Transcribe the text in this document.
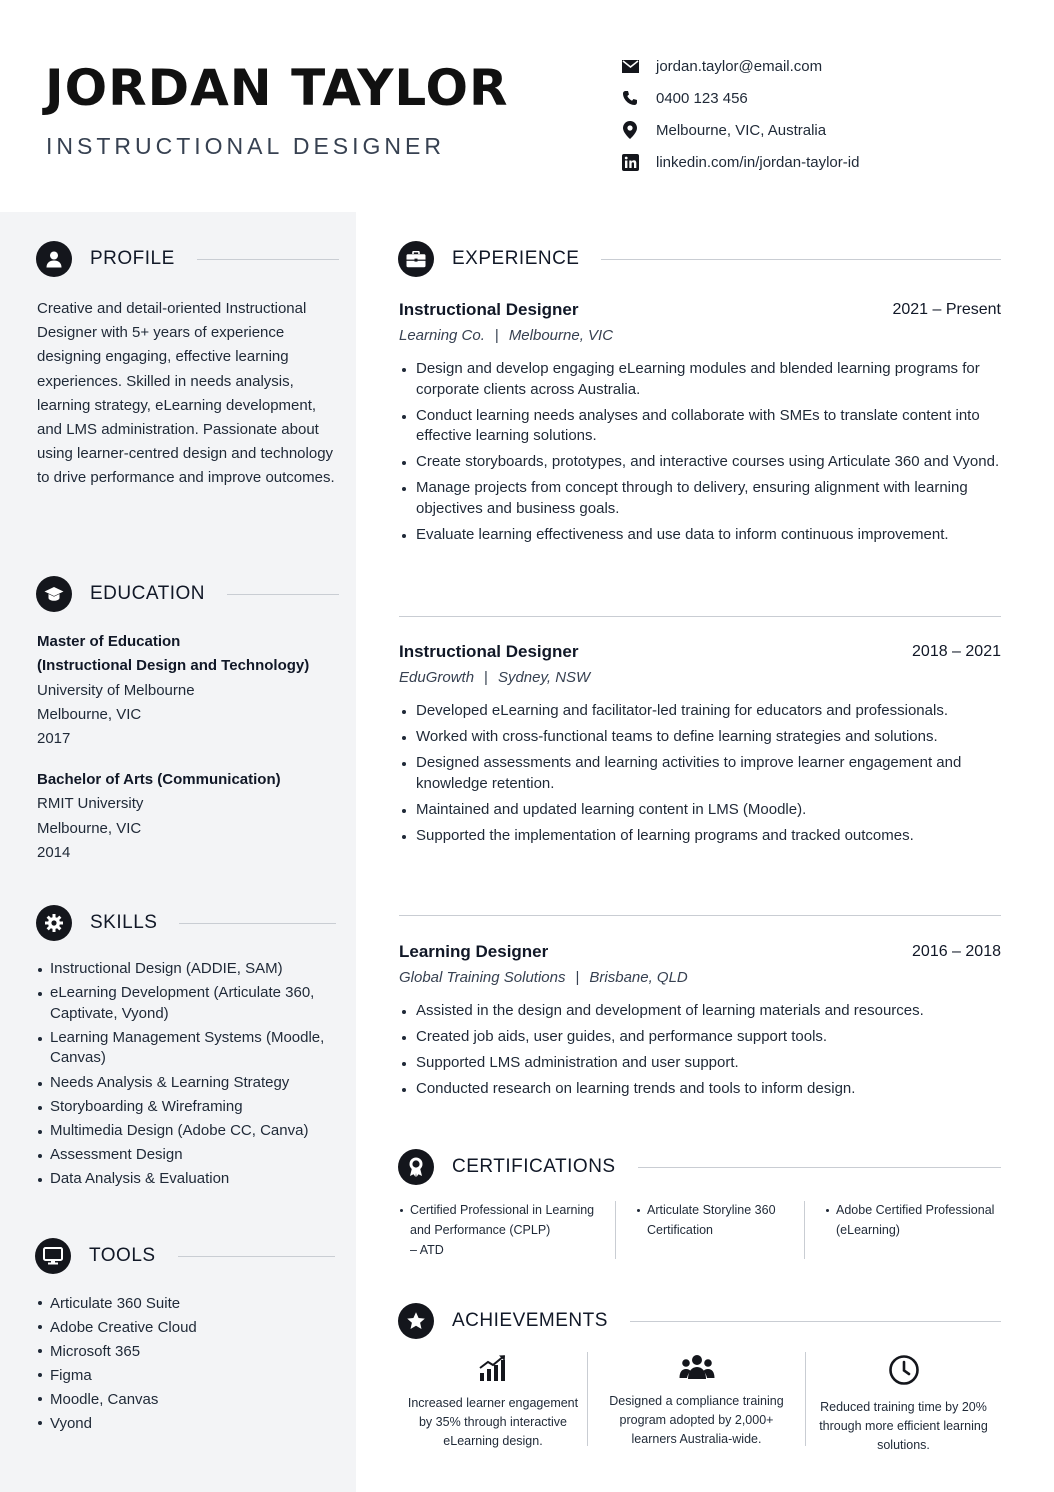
JORDAN TAYLOR
INSTRUCTIONAL DESIGNER
jordan.taylor@email.com
0400 123 456
Melbourne, VIC, Australia
linkedin.com/in/jordan-taylor-id
PROFILE
Creative and detail-oriented Instructional Designer with 5+ years of experience designing engaging, effective learning experiences. Skilled in needs analysis, learning strategy, eLearning development, and LMS administration. Passionate about using learner-centred design and technology to drive performance and improve outcomes.
EDUCATION
Master of Education
(Instructional Design and Technology)
University of Melbourne
Melbourne, VIC
2017
Bachelor of Arts (Communication)
RMIT University
Melbourne, VIC
2014
SKILLS
Instructional Design (ADDIE, SAM)
eLearning Development (Articulate 360, Captivate, Vyond)
Learning Management Systems (Moodle, Canvas)
Needs Analysis & Learning Strategy
Storyboarding & Wireframing
Multimedia Design (Adobe CC, Canva)
Assessment Design
Data Analysis & Evaluation
TOOLS
Articulate 360 Suite
Adobe Creative Cloud
Microsoft 365
Figma
Moodle, Canvas
Vyond
EXPERIENCE
Instructional Designer	2021 – Present
Learning Co. | Melbourne, VIC
Design and develop engaging eLearning modules and blended learning programs for corporate clients across Australia.
Conduct learning needs analyses and collaborate with SMEs to translate content into effective learning solutions.
Create storyboards, prototypes, and interactive courses using Articulate 360 and Vyond.
Manage projects from concept through to delivery, ensuring alignment with learning objectives and business goals.
Evaluate learning effectiveness and use data to inform continuous improvement.
Instructional Designer	2018 – 2021
EduGrowth | Sydney, NSW
Developed eLearning and facilitator-led training for educators and professionals.
Worked with cross-functional teams to define learning strategies and solutions.
Designed assessments and learning activities to improve learner engagement and knowledge retention.
Maintained and updated learning content in LMS (Moodle).
Supported the implementation of learning programs and tracked outcomes.
Learning Designer	2016 – 2018
Global Training Solutions | Brisbane, QLD
Assisted in the design and development of learning materials and resources.
Created job aids, user guides, and performance support tools.
Supported LMS administration and user support.
Conducted research on learning trends and tools to inform design.
CERTIFICATIONS
Certified Professional in Learning
and Performance (CPLP)
– ATD
Articulate Storyline 360
Certification
Adobe Certified Professional
(eLearning)
ACHIEVEMENTS
Increased learner engagement
by 35% through interactive
eLearning design.
Designed a compliance training
program adopted by 2,000+
learners Australia-wide.
Reduced training time by 20%
through more efficient learning
solutions.
